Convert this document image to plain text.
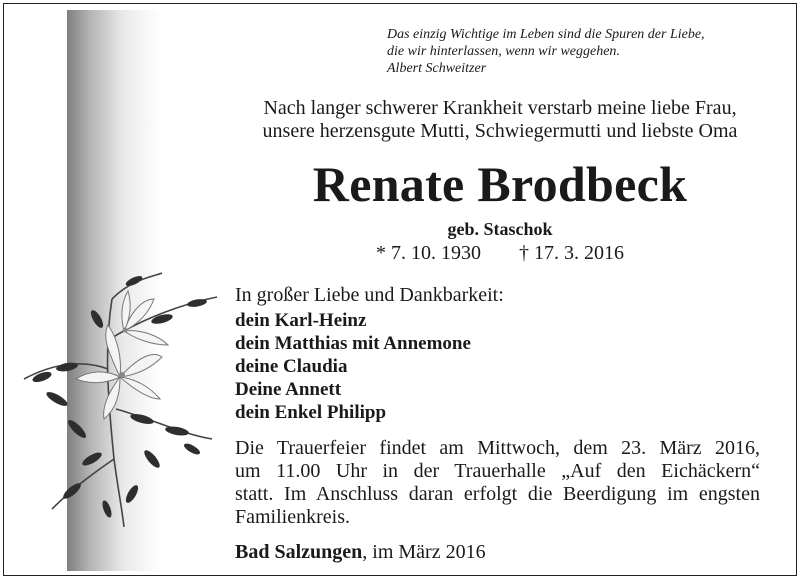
Das einzig Wichtige im Leben sind die Spuren der Liebe,
die wir hinterlassen, wenn wir weggehen.
Albert Schweitzer
Nach langer schwerer Krankheit verstarb meine liebe Frau,
unsere herzensgute Mutti, Schwiegermutti und liebste Oma
Renate Brodbeck
geb. Staschok
* 7. 10. 1930 † 17. 3. 2016
In großer Liebe und Dankbarkeit:
dein Karl-Heinz
dein Matthias mit Annemone
deine Claudia
Deine Annett
dein Enkel Philipp
Die Trauerfeier findet am Mittwoch, dem 23. März 2016,
um 11.00 Uhr in der Trauerhalle „Auf den Eichäckern“
statt. Im Anschluss daran erfolgt die Beerdigung im engsten
Familienkreis.
Bad Salzungen, im März 2016
